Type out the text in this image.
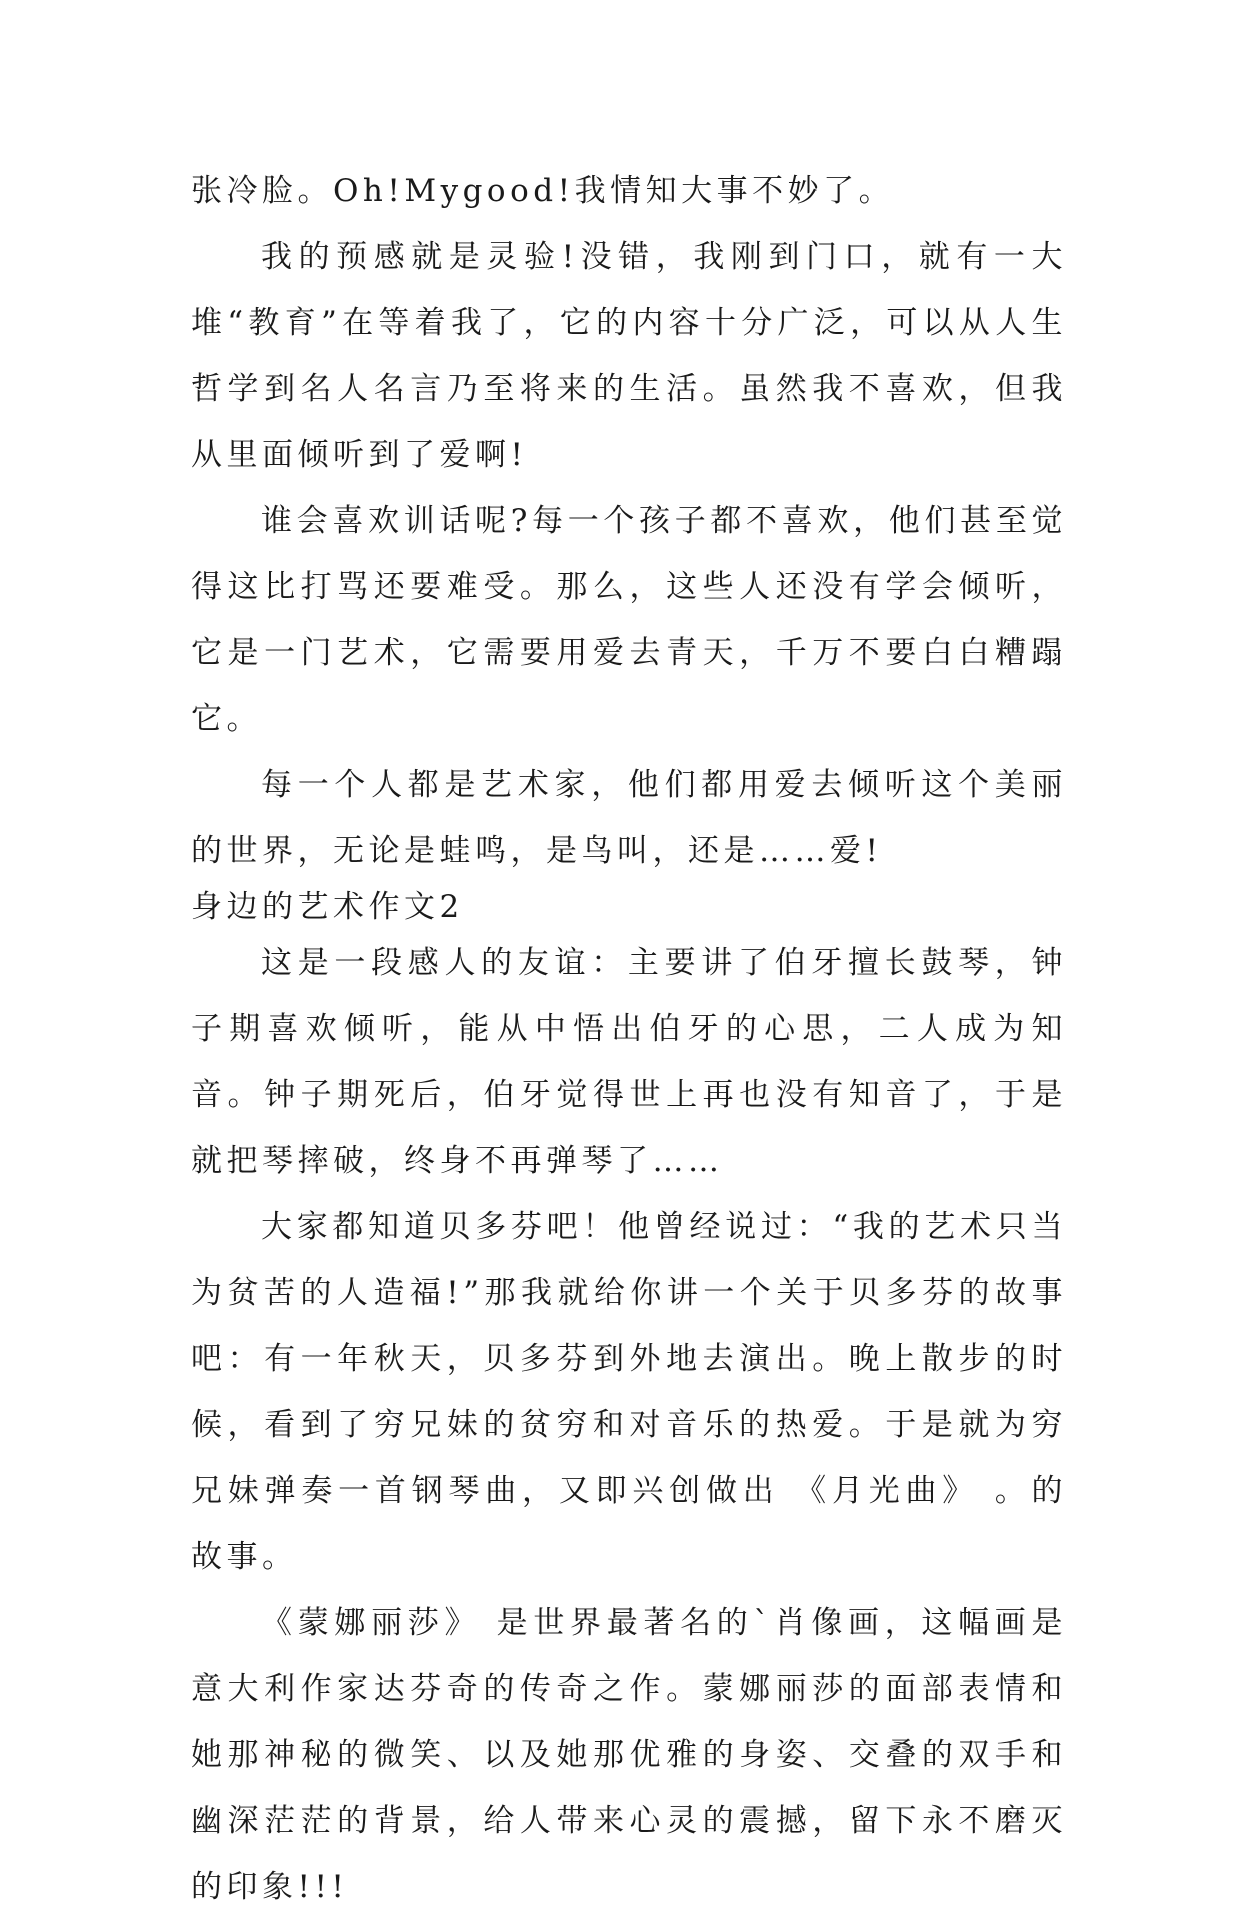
张冷脸。Oh!Mygood!我情知大事不妙了。

我的预感就是灵验!没错，我刚到门口，就有一大堆“教育”在等着我了，它的内容十分广泛，可以从人生哲学到名人名言乃至将来的生活。虽然我不喜欢，但我从里面倾听到了爱啊!

谁会喜欢训话呢?每一个孩子都不喜欢，他们甚至觉得这比打骂还要难受。那么，这些人还没有学会倾听，它是一门艺术，它需要用爱去青天，千万不要白白糟蹋它。

每一个人都是艺术家，他们都用爱去倾听这个美丽的世界，无论是蛙鸣，是鸟叫，还是……爱!

身边的艺术作文2

这是一段感人的友谊：主要讲了伯牙擅长鼓琴，钟子期喜欢倾听，能从中悟出伯牙的心思，二人成为知音。钟子期死后，伯牙觉得世上再也没有知音了，于是就把琴摔破，终身不再弹琴了……

大家都知道贝多芬吧！他曾经说过：“我的艺术只当为贫苦的人造福!”那我就给你讲一个关于贝多芬的故事吧：有一年秋天，贝多芬到外地去演出。晚上散步的时候，看到了穷兄妹的贫穷和对音乐的热爱。于是就为穷兄妹弹奏一首钢琴曲，又即兴创做出 《月光曲》 。的故事。

《蒙娜丽莎》 是世界最著名的`肖像画，这幅画是意大利作家达芬奇的传奇之作。蒙娜丽莎的面部表情和她那神秘的微笑、以及她那优雅的身姿、交叠的双手和幽深茫茫的背景，给人带来心灵的震撼，留下永不磨灭的印象!!!
